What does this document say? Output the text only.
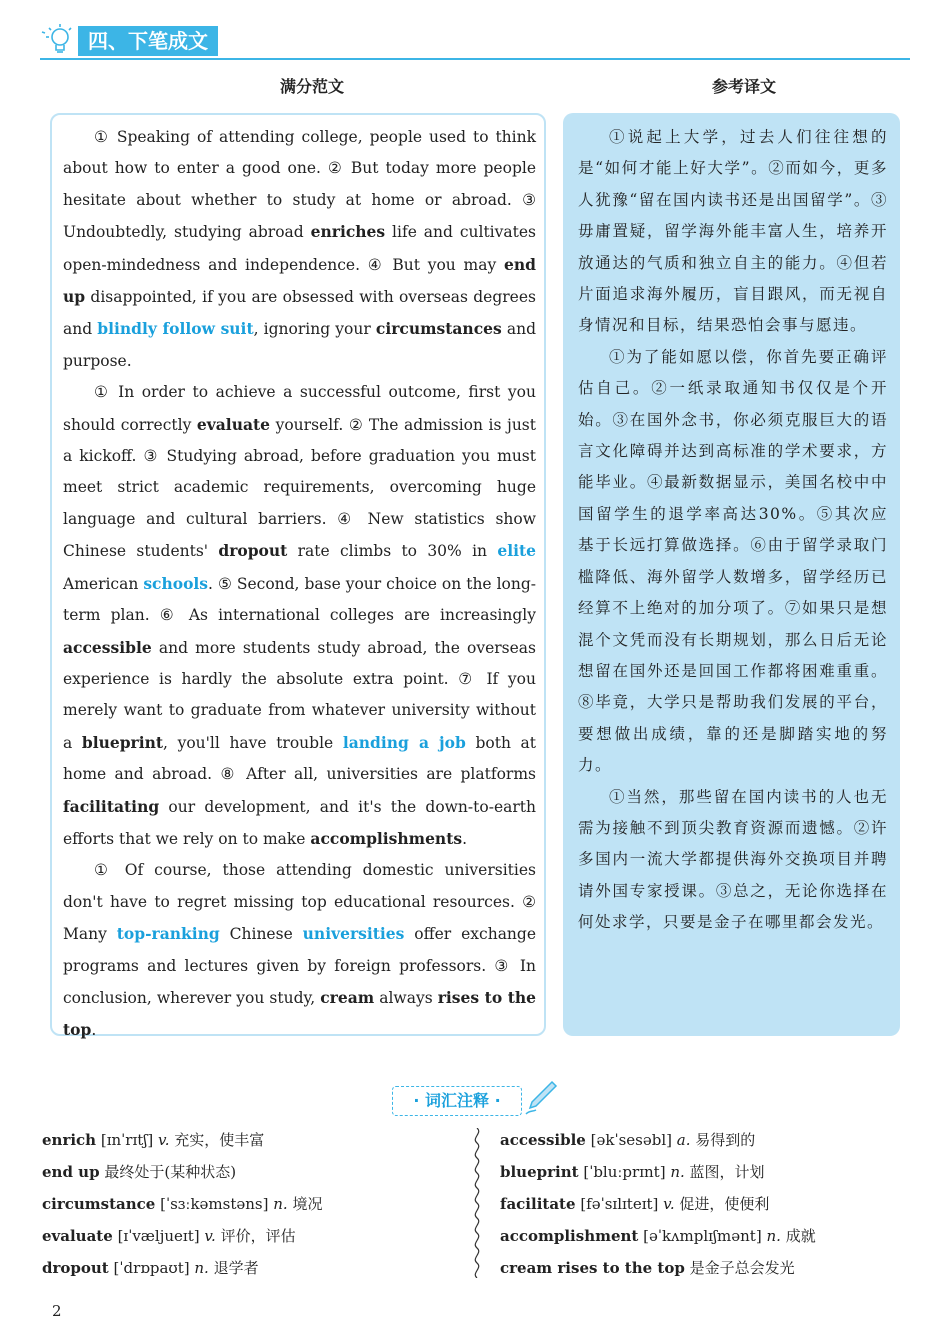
四、下笔成文
满分范文	参考译文

① Speaking of attending college, people used to think about how to enter a good one. ② But today more people hesitate about whether to study at home or abroad. ③ Undoubtedly, studying abroad enriches life and cultivates open-mindedness and independence. ④ But you may end up disappointed, if you are obsessed with overseas degrees and blindly follow suit, ignoring your circumstances and purpose.

① In order to achieve a successful outcome, first you should correctly evaluate yourself. ② The admission is just a kickoff. ③ Studying abroad, before graduation you must meet strict academic requirements, overcoming huge language and cultural barriers. ④ New statistics show Chinese students' dropout rate climbs to 30% in elite American schools. ⑤ Second, base your choice on the long-term plan. ⑥ As international colleges are increasingly accessible and more students study abroad, the overseas experience is hardly the absolute extra point. ⑦ If you merely want to graduate from whatever university without a blueprint, you'll have trouble landing a job both at home and abroad. ⑧ After all, universities are platforms facilitating our development, and it's the down-to-earth efforts that we rely on to make accomplishments.

① Of course, those attending domestic universities don't have to regret missing top educational resources. ② Many top-ranking Chinese universities offer exchange programs and lectures given by foreign professors. ③ In conclusion, wherever you study, cream always rises to the top.

①说起上大学，过去人们往往想的是“如何才能上好大学”。②而如今，更多人犹豫“留在国内读书还是出国留学”。③毋庸置疑，留学海外能丰富人生，培养开放通达的气质和独立自主的能力。④但若片面追求海外履历，盲目跟风，而无视自身情况和目标，结果恐怕会事与愿违。

①为了能如愿以偿，你首先要正确评估自己。②一纸录取通知书仅仅是个开始。③在国外念书，你必须克服巨大的语言文化障碍并达到高标准的学术要求，方能毕业。④最新数据显示，美国名校中中国留学生的退学率高达30%。⑤其次应基于长远打算做选择。⑥由于留学录取门槛降低、海外留学人数增多，留学经历已经算不上绝对的加分项了。⑦如果只是想混个文凭而没有长期规划，那么日后无论想留在国外还是回国工作都将困难重重。⑧毕竟，大学只是帮助我们发展的平台，要想做出成绩，靠的还是脚踏实地的努力。

①当然，那些留在国内读书的人也无需为接触不到顶尖教育资源而遗憾。②许多国内一流大学都提供海外交换项目并聘请外国专家授课。③总之，无论你选择在何处求学，只要是金子在哪里都会发光。

· 词汇注释 ·
enrich [ɪnˈrɪtʃ] v. 充实，使丰富
end up 最终处于(某种状态)
circumstance [ˈsɜːkəmstəns] n. 境况
evaluate [ɪˈvæljueɪt] v. 评价，评估
dropout [ˈdrɒpaʊt] n. 退学者
accessible [əkˈsesəbl] a. 易得到的
blueprint [ˈbluːprɪnt] n. 蓝图，计划
facilitate [fəˈsɪlɪteɪt] v. 促进，使便利
accomplishment [əˈkʌmplɪʃmənt] n. 成就
cream rises to the top 是金子总会发光
2
